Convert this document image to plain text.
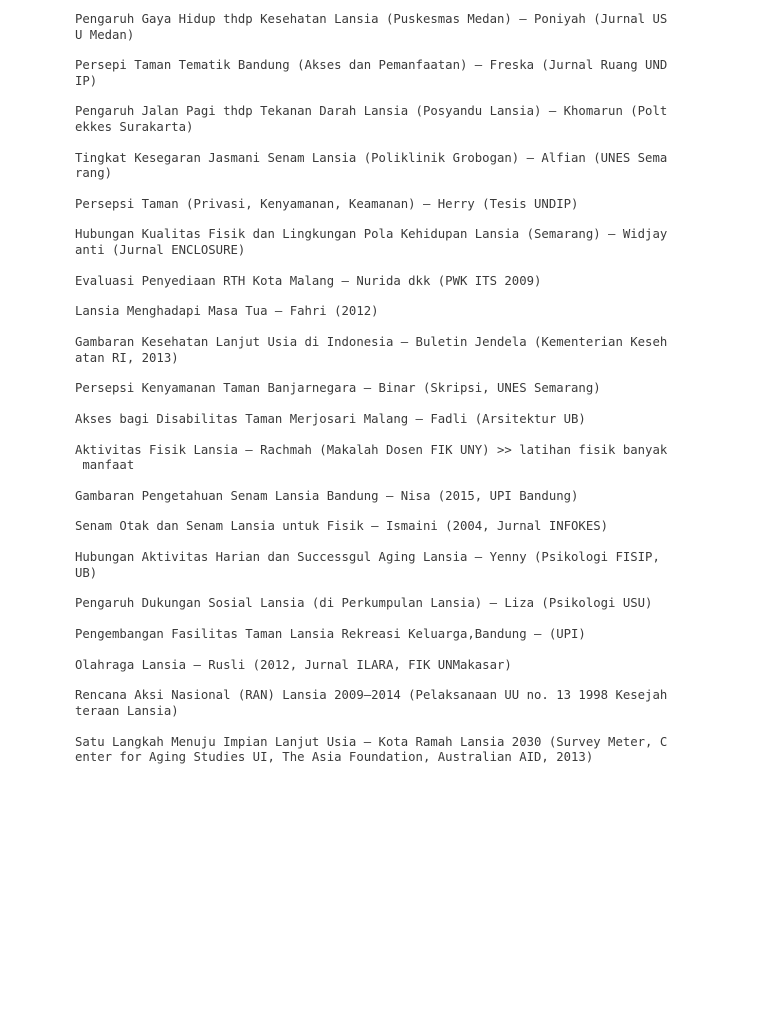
Pengaruh Gaya Hidup thdp Kesehatan Lansia (Puskesmas Medan) – Poniyah (Jurnal US
U Medan)
Persepi Taman Tematik Bandung (Akses dan Pemanfaatan) – Freska (Jurnal Ruang UND
IP)
Pengaruh Jalan Pagi thdp Tekanan Darah Lansia (Posyandu Lansia) – Khomarun (Polt
ekkes Surakarta)
Tingkat Kesegaran Jasmani Senam Lansia (Poliklinik Grobogan) – Alfian (UNES Sema
rang)
Persepsi Taman (Privasi, Kenyamanan, Keamanan) – Herry (Tesis UNDIP)
Hubungan Kualitas Fisik dan Lingkungan Pola Kehidupan Lansia (Semarang) – Widjay
anti (Jurnal ENCLOSURE)
Evaluasi Penyediaan RTH Kota Malang – Nurida dkk (PWK ITS 2009)
Lansia Menghadapi Masa Tua – Fahri (2012)
Gambaran Kesehatan Lanjut Usia di Indonesia – Buletin Jendela (Kementerian Keseh
atan RI, 2013)
Persepsi Kenyamanan Taman Banjarnegara – Binar (Skripsi, UNES Semarang)
Akses bagi Disabilitas Taman Merjosari Malang – Fadli (Arsitektur UB)
Aktivitas Fisik Lansia – Rachmah (Makalah Dosen FIK UNY) >> latihan fisik banyak
manfaat
Gambaran Pengetahuan Senam Lansia Bandung – Nisa (2015, UPI Bandung)
Senam Otak dan Senam Lansia untuk Fisik – Ismaini (2004, Jurnal INFOKES)
Hubungan Aktivitas Harian dan Successgul Aging Lansia – Yenny (Psikologi FISIP,
UB)
Pengaruh Dukungan Sosial Lansia (di Perkumpulan Lansia) – Liza (Psikologi USU)
Pengembangan Fasilitas Taman Lansia Rekreasi Keluarga,Bandung – (UPI)
Olahraga Lansia – Rusli (2012, Jurnal ILARA, FIK UNMakasar)
Rencana Aksi Nasional (RAN) Lansia 2009–2014 (Pelaksanaan UU no. 13 1998 Kesejah
teraan Lansia)
Satu Langkah Menuju Impian Lanjut Usia – Kota Ramah Lansia 2030 (Survey Meter, C
enter for Aging Studies UI, The Asia Foundation, Australian AID, 2013)
